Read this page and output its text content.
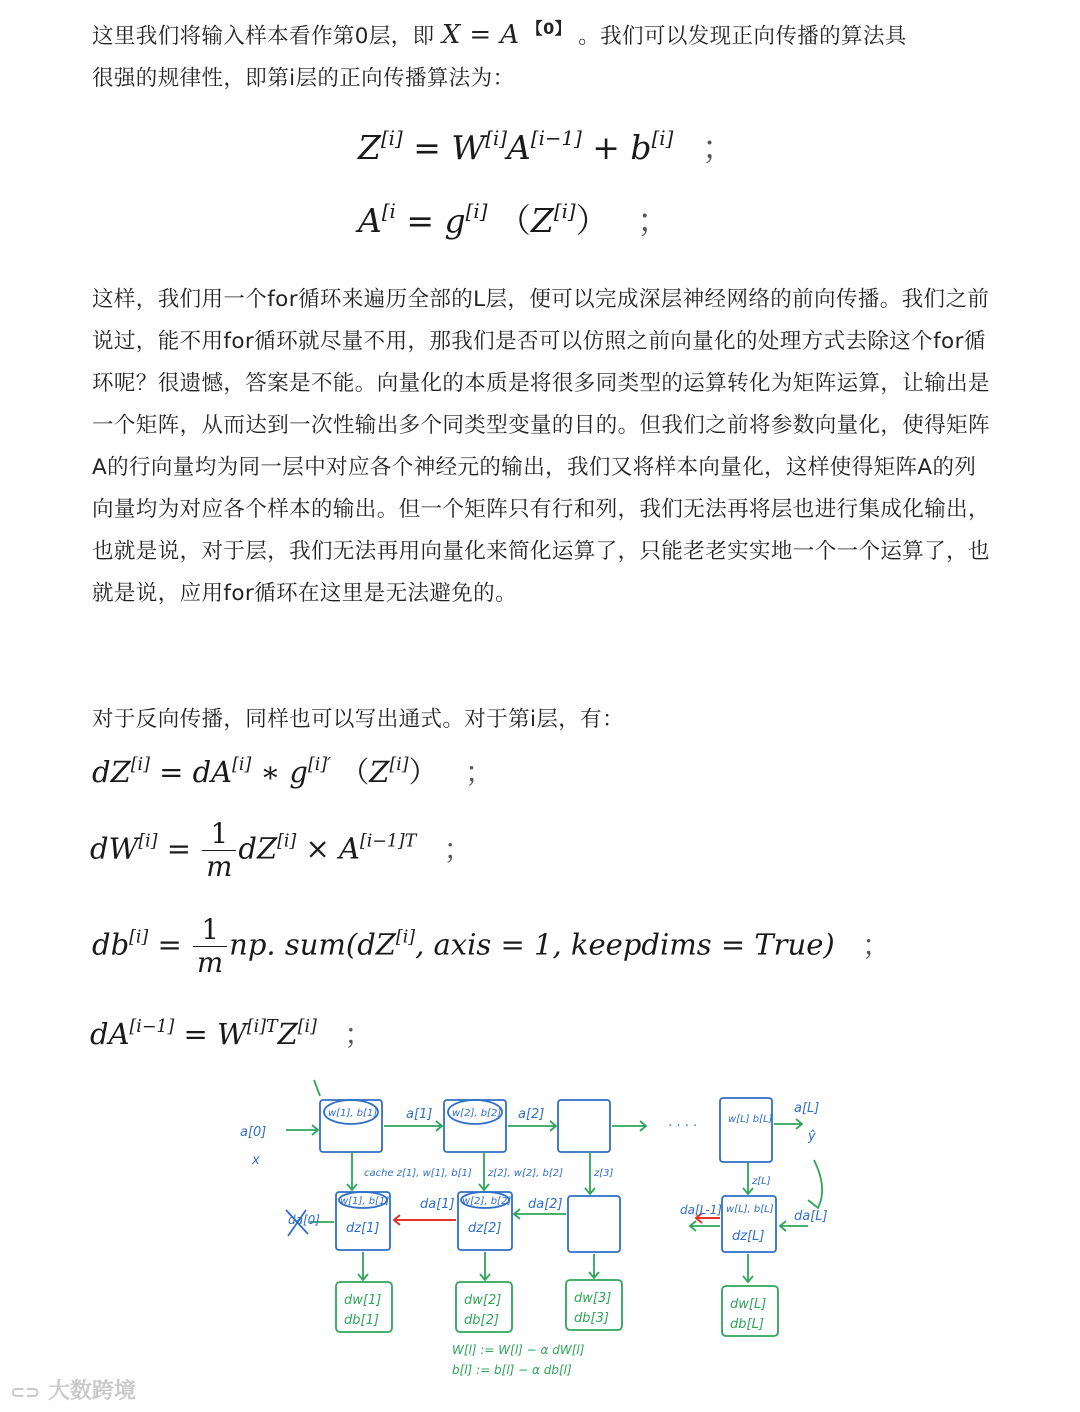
这里我们将输入样本看作第0层，即 X = A $^{【0】}$ 。我们可以发现正向传播的算法具
很强的规律性，即第i层的正向传播算法为：
Z[i] = W[i]A[i−1] + b[i] ；
$A^{[i} = g[i]$ （Z[i]） ；
这样，我们用一个for循环来遍历全部的L层，便可以完成深层神经网络的前向传播。我们之前说过，能不用for循环就尽量不用，那我们是否可以仿照之前向量化的处理方式去除这个for循环呢？很遗憾，答案是不能。向量化的本质是将很多同类型的运算转化为矩阵运算，让输出是一个矩阵，从而达到一次性输出多个同类型变量的目的。但我们之前将参数向量化，使得矩阵A的行向量均为同一层中对应各个神经元的输出，我们又将样本向量化，这样使得矩阵A的列向量均为对应各个样本的输出。但一个矩阵只有行和列，我们无法再将层也进行集成化输出，也就是说，对于层，我们无法再用向量化来简化运算了，只能老老实实地一个一个运算了，也就是说，应用for循环在这里是无法避免的。
对于反向传播，同样也可以写出通式。对于第i层，有：
dZ[i] = dA[i] ∗ $g^{[i]'}$ （Z[i]） ；
$dW[i] = \frac{1}{m} dZ[i] \times A^{[i-1]T}$ ；
$db[i] = \frac{1}{m}$ np. sum(dZ[i], axis = 1, keepdims = True) ；
$dA[i-1] = W^{[i]T}Z[i]$ ；
a[0]
x
a[1]	a[2]
· · · ·
a[L]
ŷ
cache z[1], w[1], b[1] z[2], w[2], b[2]	z[3]
z[L]
da[1]	da[2]	da[L-1]	da[L]
da[0]
w[1], b[1]	w[2], b[2]
w[L] b[L]
w[1], b[1]	w[2], b[2]
w[L], b[L]
dz[1]	dz[2]
dz[L]
dw[1]
db[1]
dw[2]
db[2]
dw[3]
db[3]
dw[L]
db[L]
W[l] := W[l] − α dW[l]
b[l] := b[l] − α db[l]
⊂⊃ 大数跨境
